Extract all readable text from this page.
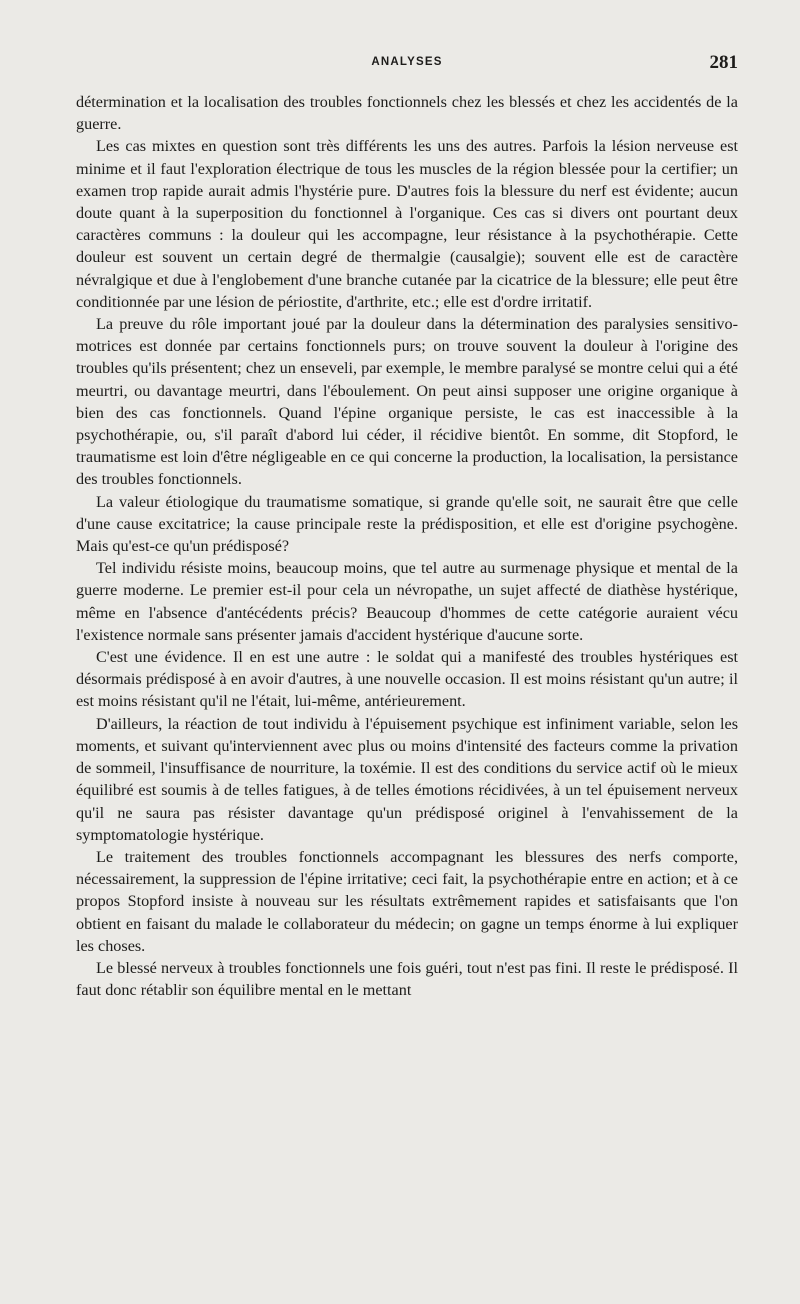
ANALYSES	281

détermination et la localisation des troubles fonctionnels chez les blessés et chez les accidentés de la guerre.

Les cas mixtes en question sont très différents les uns des autres. Parfois la lésion nerveuse est minime et il faut l'exploration électrique de tous les muscles de la région blessée pour la certifier; un examen trop rapide aurait admis l'hystérie pure. D'autres fois la blessure du nerf est évidente; aucun doute quant à la superposition du fonctionnel à l'organique. Ces cas si divers ont pourtant deux caractères communs : la douleur qui les accompagne, leur résistance à la psychothérapie. Cette douleur est souvent un certain degré de thermalgie (causalgie); souvent elle est de caractère névralgique et due à l'englobement d'une branche cutanée par la cicatrice de la blessure; elle peut être conditionnée par une lésion de périostite, d'arthrite, etc.; elle est d'ordre irritatif.

La preuve du rôle important joué par la douleur dans la détermination des paralysies sensitivo-motrices est donnée par certains fonctionnels purs; on trouve souvent la douleur à l'origine des troubles qu'ils présentent; chez un enseveli, par exemple, le membre paralysé se montre celui qui a été meurtri, ou davantage meurtri, dans l'éboulement. On peut ainsi supposer une origine organique à bien des cas fonctionnels. Quand l'épine organique persiste, le cas est inaccessible à la psychothérapie, ou, s'il paraît d'abord lui céder, il récidive bientôt. En somme, dit Stopford, le traumatisme est loin d'être négligeable en ce qui concerne la production, la localisation, la persistance des troubles fonctionnels.

La valeur étiologique du traumatisme somatique, si grande qu'elle soit, ne saurait être que celle d'une cause excitatrice; la cause principale reste la prédisposition, et elle est d'origine psychogène. Mais qu'est-ce qu'un prédisposé?

Tel individu résiste moins, beaucoup moins, que tel autre au surmenage physique et mental de la guerre moderne. Le premier est-il pour cela un névropathe, un sujet affecté de diathèse hystérique, même en l'absence d'antécédents précis? Beaucoup d'hommes de cette catégorie auraient vécu l'existence normale sans présenter jamais d'accident hystérique d'aucune sorte.

C'est une évidence. Il en est une autre : le soldat qui a manifesté des troubles hystériques est désormais prédisposé à en avoir d'autres, à une nouvelle occasion. Il est moins résistant qu'un autre; il est moins résistant qu'il ne l'était, lui-même, antérieurement.

D'ailleurs, la réaction de tout individu à l'épuisement psychique est infiniment variable, selon les moments, et suivant qu'interviennent avec plus ou moins d'intensité des facteurs comme la privation de sommeil, l'insuffisance de nourriture, la toxémie. Il est des conditions du service actif où le mieux équilibré est soumis à de telles fatigues, à de telles émotions récidivées, à un tel épuisement nerveux qu'il ne saura pas résister davantage qu'un prédisposé originel à l'envahissement de la symptomatologie hystérique.

Le traitement des troubles fonctionnels accompagnant les blessures des nerfs comporte, nécessairement, la suppression de l'épine irritative; ceci fait, la psychothérapie entre en action; et à ce propos Stopford insiste à nouveau sur les résultats extrêmement rapides et satisfaisants que l'on obtient en faisant du malade le collaborateur du médecin; on gagne un temps énorme à lui expliquer les choses.

Le blessé nerveux à troubles fonctionnels une fois guéri, tout n'est pas fini. Il reste le prédisposé. Il faut donc rétablir son équilibre mental en le mettant
